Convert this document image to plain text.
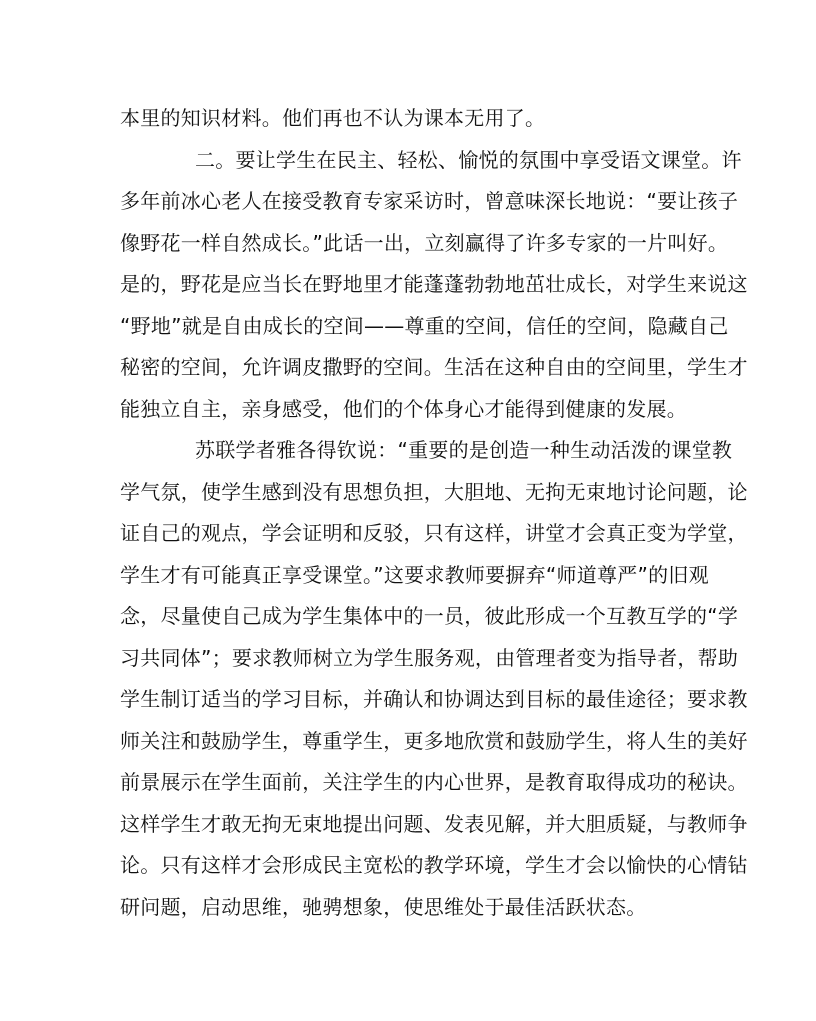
本里的知识材料。他们再也不认为课本无用了。
二。要让学生在民主、轻松、愉悦的氛围中享受语文课堂。许
多年前冰心老人在接受教育专家采访时，曾意味深长地说：“要让孩子
像野花一样自然成长。”此话一出，立刻赢得了许多专家的一片叫好。
是的，野花是应当长在野地里才能蓬蓬勃勃地茁壮成长，对学生来说这
“野地”就是自由成长的空间——尊重的空间，信任的空间，隐藏自己
秘密的空间，允许调皮撒野的空间。生活在这种自由的空间里，学生才
能独立自主，亲身感受，他们的个体身心才能得到健康的发展。
苏联学者雅各得钦说：“重要的是创造一种生动活泼的课堂教
学气氛，使学生感到没有思想负担，大胆地、无拘无束地讨论问题，论
证自己的观点，学会证明和反驳，只有这样，讲堂才会真正变为学堂，
学生才有可能真正享受课堂。”这要求教师要摒弃“师道尊严”的旧观
念，尽量使自己成为学生集体中的一员，彼此形成一个互教互学的“学
习共同体”；要求教师树立为学生服务观，由管理者变为指导者，帮助
学生制订适当的学习目标，并确认和协调达到目标的最佳途径；要求教
师关注和鼓励学生，尊重学生，更多地欣赏和鼓励学生，将人生的美好
前景展示在学生面前，关注学生的内心世界，是教育取得成功的秘诀。
这样学生才敢无拘无束地提出问题、发表见解，并大胆质疑，与教师争
论。只有这样才会形成民主宽松的教学环境，学生才会以愉快的心情钻
研问题，启动思维，驰骋想象，使思维处于最佳活跃状态。
